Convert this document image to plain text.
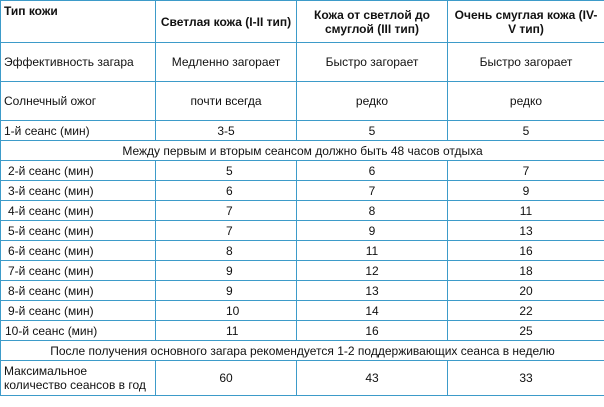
Тип кожи	Светлая кожа (I-II тип)	Кожа от светлой до смуглой (III тип)	Очень смуглая кожа (IV-V тип)
Эффективность загара	Медленно загорает	Быстро загорает	Быстро загорает
Солнечный ожог	почти всегда	редко	редко
1-й сеанс (мин)	3-5	5	5
Между первым и вторым сеансом должно быть 48 часов отдыха			
2-й сеанс (мин)	5	6	7
3-й сеанс (мин)	6	7	9
4-й сеанс (мин)	7	8	11
5-й сеанс (мин)	7	9	13
6-й сеанс (мин)	8	11	16
7-й сеанс (мин)	9	12	18
8-й сеанс (мин)	9	13	20
9-й сеанс (мин)	10	14	22
10-й сеанс (мин)	11	16	25
После получения основного загара рекомендуется 1-2 поддерживающих сеанса в неделю			
Максимальное количество сеансов в год	60	43	33
